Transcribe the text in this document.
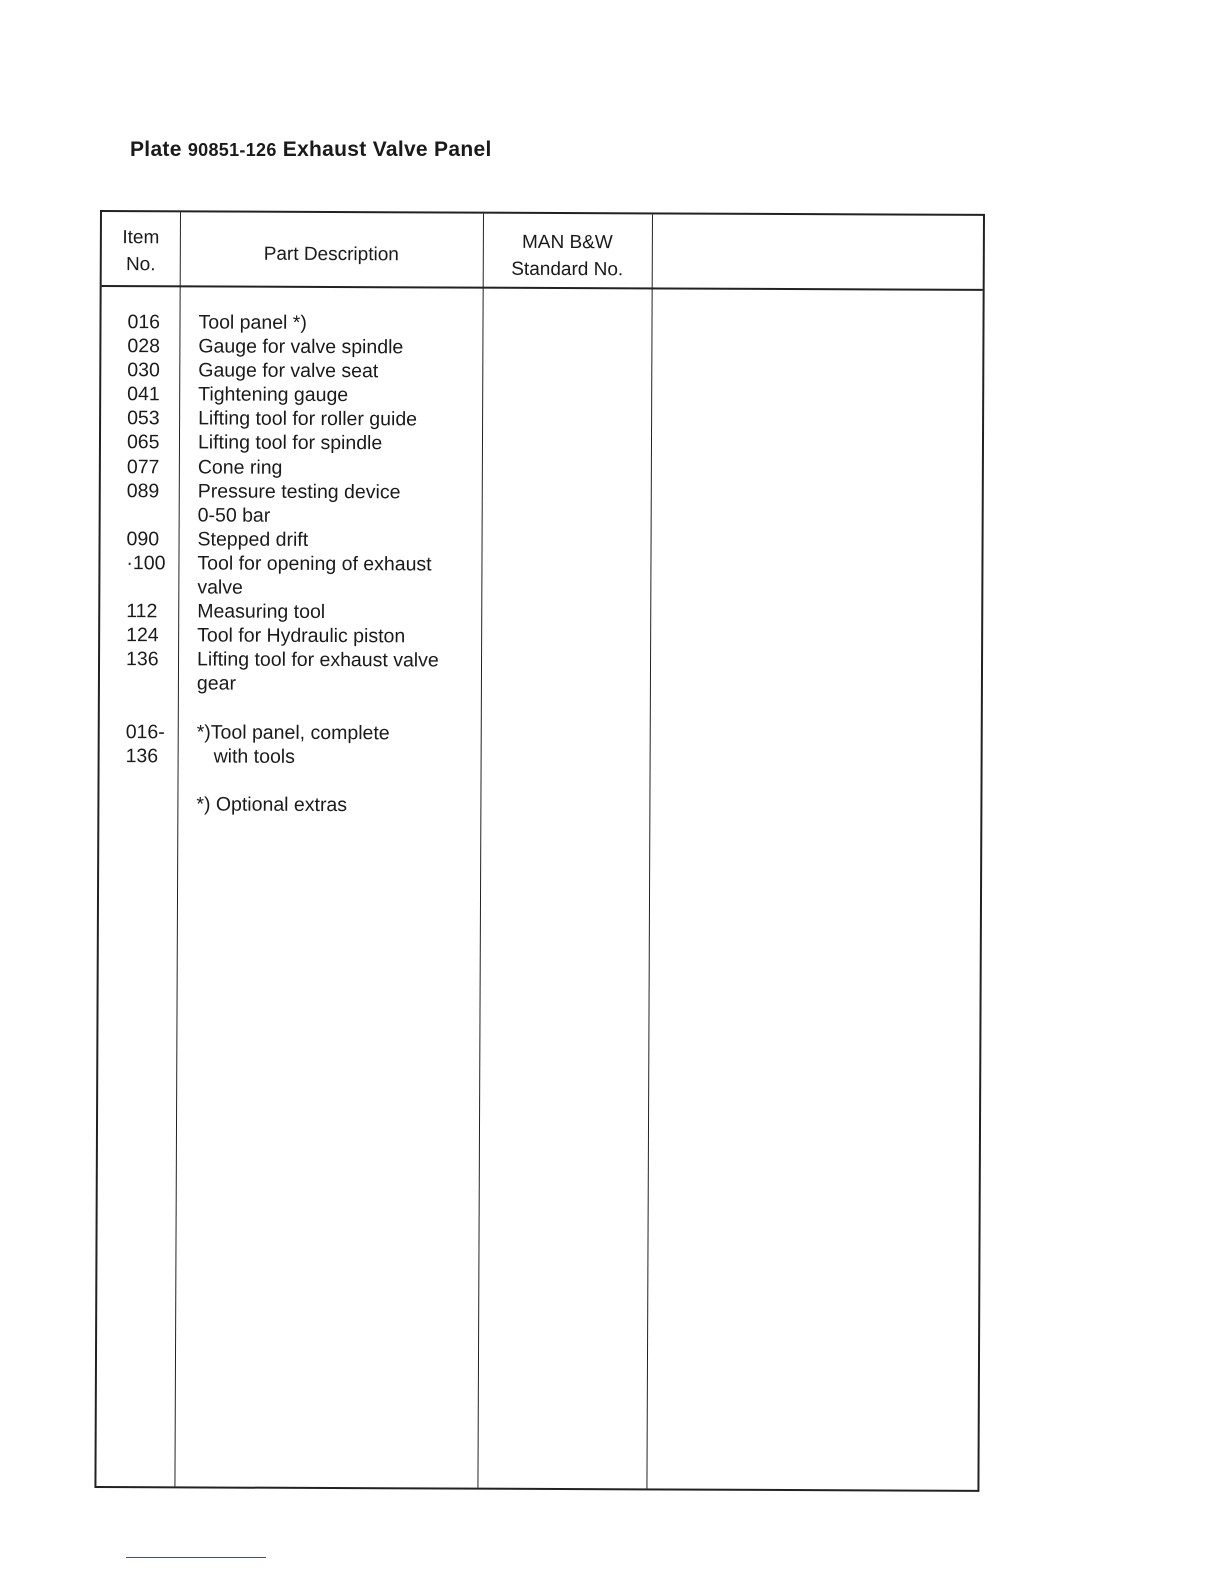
Plate 90851-126 Exhaust Valve Panel
Item
No.	Part Description
MAN B&W
Standard No.
016
028
030
041
053
065
077
089
090
·100
112
124
136
016-
136
Tool panel *)
Gauge for valve spindle
Gauge for valve seat
Tightening gauge
Lifting tool for roller guide
Lifting tool for spindle
Cone ring
Pressure testing device
0-50 bar
Stepped drift
Tool for opening of exhaust
valve
Measuring tool
Tool for Hydraulic piston
Lifting tool for exhaust valve
gear
*)Tool panel, complete
with tools
*) Optional extras
